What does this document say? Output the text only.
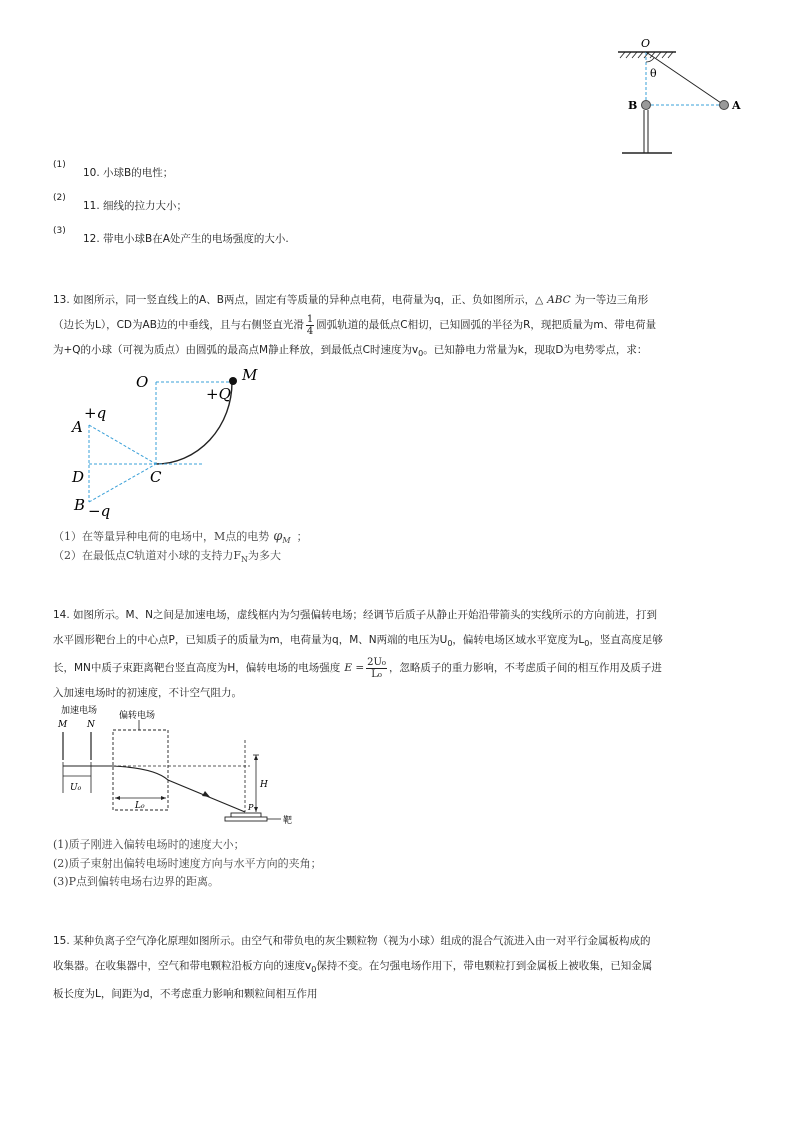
O
θ
B	A
(1)
10. 小球B的电性；
(2)
11. 细线的拉力大小；
(3)
12. 带电小球B在A处产生的电场强度的大小.
13. 如图所示，同一竖直线上的A、B两点，固定有等质量的异种点电荷，电荷量为q，正、负如图所示，△ ABC 为一等边三角形
（边长为L），CD为AB边的中垂线，且与右侧竖直光滑 $\frac{1}{4}$ 圆弧轨道的最低点C相切，已知圆弧的半径为R，现把质量为m、带电荷量
为+Q的小球（可视为质点）由圆弧的最高点M静止释放，到最低点C时速度为$v_0$。已知静电力常量为k，现取D为电势零点，求：
O	M
+Q
+q
A
D	C
B −q
（1）在等量异种电荷的电场中，M点的电势 $\varphi_M$ ；
（2）在最低点C轨道对小球的支持力$F_N$为多大
14. 如图所示。M、N之间是加速电场，虚线框内为匀强偏转电场；经调节后质子从静止开始沿带箭头的实线所示的方向前进，打到
水平圆形靶台上的中心点P，已知质子的质量为m，电荷量为q，M、N两端的电压为$U_0$，偏转电场区域水平宽度为$L_0$，竖直高度足够
长，MN中质子束距离靶台竖直高度为H，偏转电场的电场强度 $E = \frac{\text{2U₀}}{\text{L₀}}$ ，忽略质子的重力影响，不考虑质子间的相互作用及质子进
入加速电场时的初速度，不计空气阻力。
加速电场
M N
偏转电场
U₀
L₀
H
P
靶
(1)质子刚进入偏转电场时的速度大小；
(2)质子束射出偏转电场时速度方向与水平方向的夹角；
(3)P点到偏转电场右边界的距离。
15. 某种负离子空气净化原理如图所示。由空气和带负电的灰尘颗粒物（视为小球）组成的混合气流进入由一对平行金属板构成的
收集器。在收集器中，空气和带电颗粒沿板方向的速度$v_0$保持不变。在匀强电场作用下，带电颗粒打到金属板上被收集，已知金属
板长度为L，间距为d，不考虑重力影响和颗粒间相互作用
